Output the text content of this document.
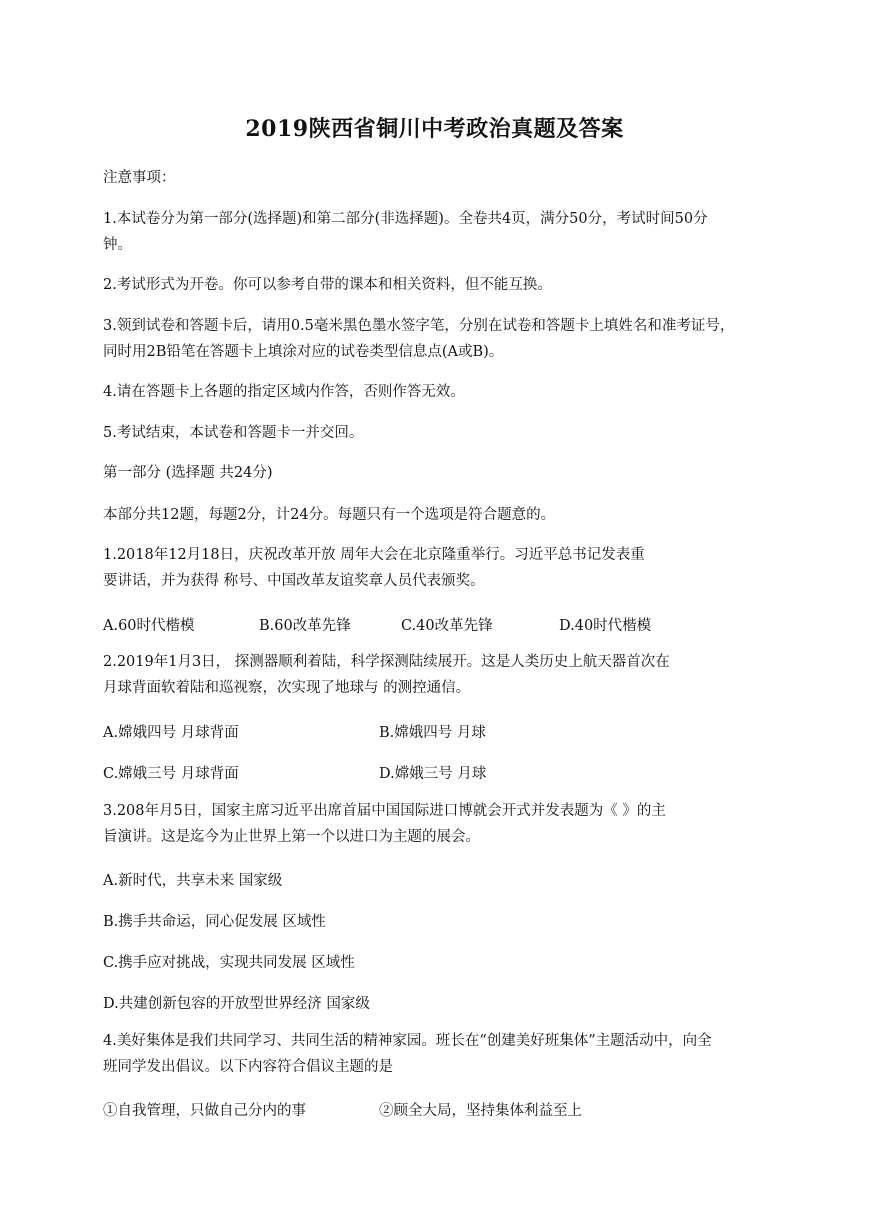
2019陕西省铜川中考政治真题及答案
注意事项：
1.本试卷分为第一部分(选择题)和第二部分(非选择题)。全卷共4页，满分50分，考试时间50分
钟。
2.考试形式为开卷。你可以参考自带的课本和相关资料，但不能互换。
3.领到试卷和答题卡后，请用0.5毫米黑色墨水签字笔，分别在试卷和答题卡上填姓名和准考证号，
同时用2B铅笔在答题卡上填涂对应的试卷类型信息点(A或B)。
4.请在答题卡上各题的指定区域内作答，否则作答无效。
5.考试结束，本试卷和答题卡一并交回。
第一部分 (选择题 共24分)
本部分共12题，每题2分，计24分。每题只有一个选项是符合题意的。
1.2018年12月18日，庆祝改革开放 周年大会在北京隆重举行。习近平总书记发表重
要讲话，并为获得 称号、中国改革友谊奖章人员代表颁奖。
A.60时代楷模	B.60改革先锋	C.40改革先锋	D.40时代楷模
2.2019年1月3日， 探测器顺利着陆，科学探测陆续展开。这是人类历史上航天器首次在
月球背面软着陆和巡视察，次实现了地球与 的测控通信。
A.嫦娥四号 月球背面	B.嫦娥四号 月球
C.嫦娥三号 月球背面	D.嫦娥三号 月球
3.208年月5日，国家主席习近平出席首届中国国际进口博就会开式并发表题为《 》的主
旨演讲。这是迄今为止世界上第一个以进口为主题的展会。
A.新时代，共享未来 国家级
B.携手共命运，同心促发展 区域性
C.携手应对挑战，实现共同发展 区域性
D.共建创新包容的开放型世界经济 国家级
4.美好集体是我们共同学习、共同生活的精神家园。班长在“创建美好班集体”主题活动中，向全
班同学发出倡议。以下内容符合倡议主题的是
①自我管理，只做自己分内的事	②顾全大局，坚持集体利益至上
